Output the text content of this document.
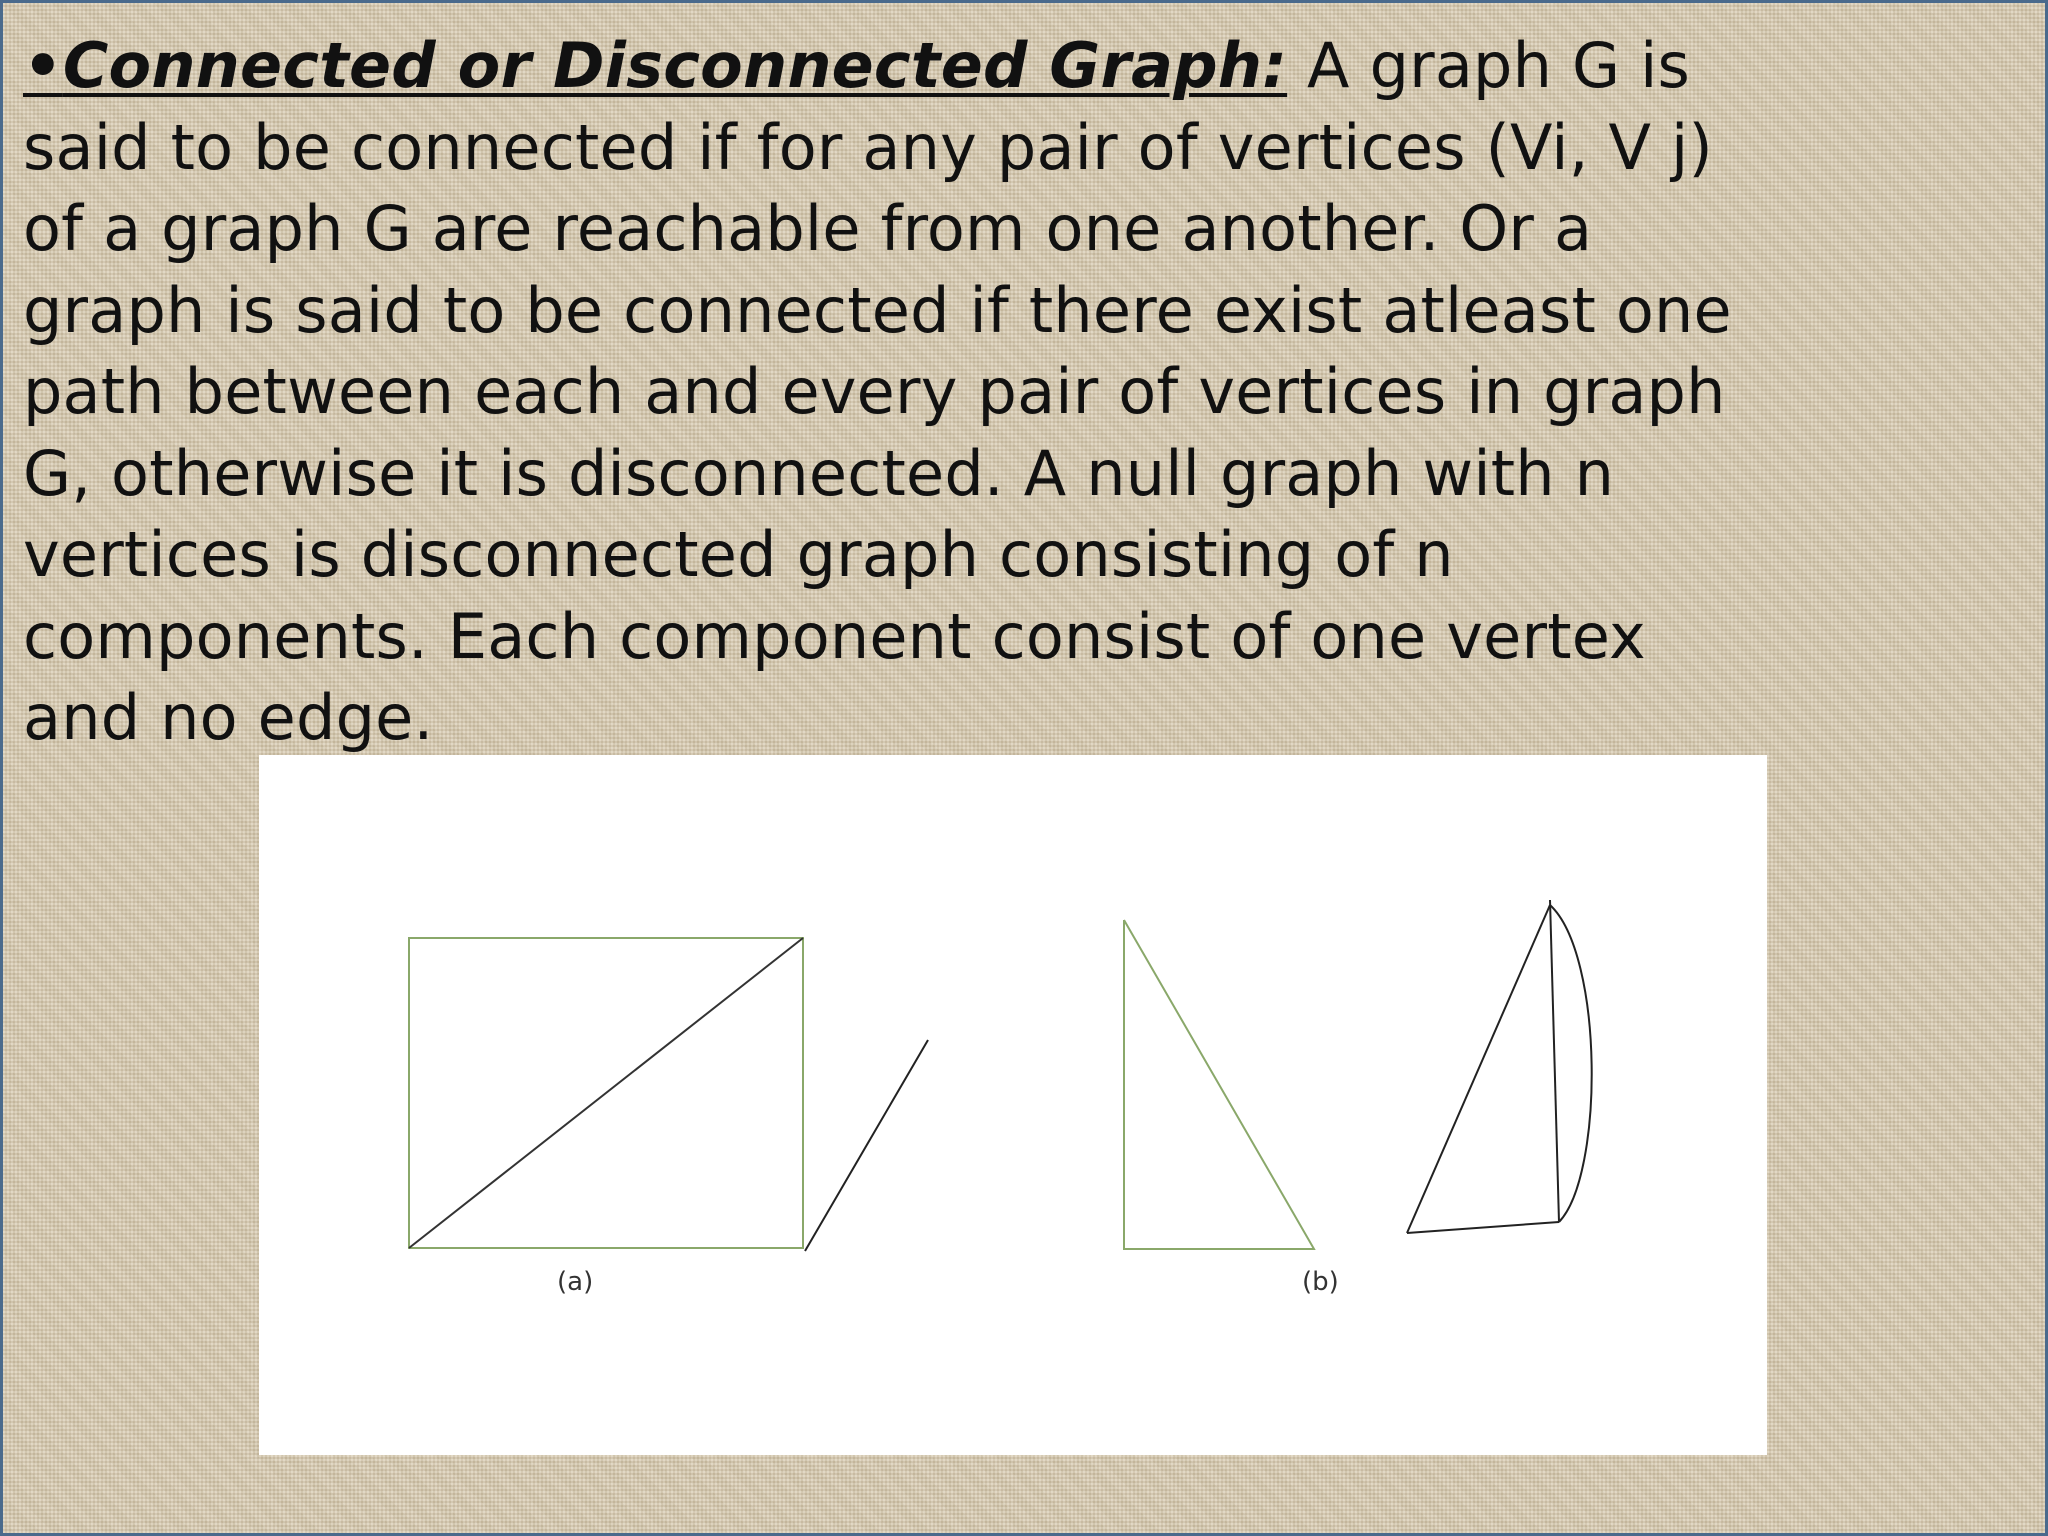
•Connected or Disconnected Graph: A graph G is said to be connected if for any pair of vertices (Vi, V j) of a graph G are reachable from one another. Or a graph is said to be connected if there exist atleast one path between each and every pair of vertices in graph G, otherwise it is disconnected. A null graph with n vertices is disconnected graph consisting of n components. Each component consist of one vertex and no edge.
(a)	(b)
